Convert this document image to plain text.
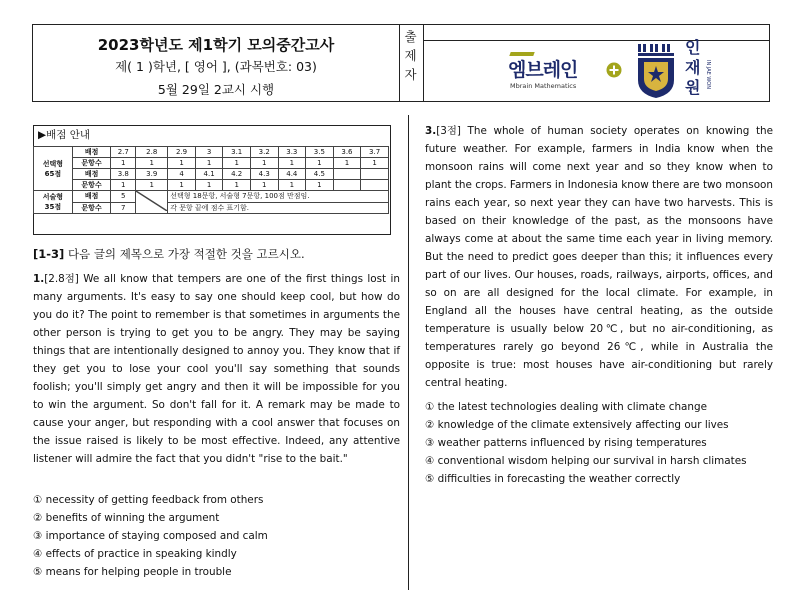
2023학년도 제1학기 모의중간고사
제( 1 )학년, [ 영어 ], (과목번호: 03)
5월 29일 2교시 시행
출
제
자	엠브레인
Mbrain Mathematics
인
재
원 IN JAE WON
▶배점 안내
선택형
65점	배점	2.7	2.8	2.9	3	3.1	3.2	3.3	3.5	3.6	3.7
	문항수	1	1	1	1	1	1	1	1	1	1
	배점	3.8	3.9	4	4.1	4.2	4.3	4.4	4.5		
	문항수	1	1	1	1	1	1	1	1		

서술형
35점	배점	5		선택형 18문항, 서술형 7문항, 100점 만점임.							
	문항수	7		각 문항 끝에 점수 표기함.							
[1-3] 다음 글의 제목으로 가장 적절한 것을 고르시오.
1.[2.8점] We all know that tempers are one of the first things lost in many arguments. It's easy to say one should keep cool, but how do you do it? The point to remember is that sometimes in arguments the other person is trying to get you to be angry. They may be saying things that are intentionally designed to annoy you. They know that if they get you to lose your cool you'll say something that sounds foolish; you'll simply get angry and then it will be impossible for you to win the argument. So don't fall for it. A remark may be made to cause your anger, but responding with a cool answer that focuses on the issue raised is likely to be most effective. Indeed, any attentive listener will admire the fact that you didn't "rise to the bait."
① necessity of getting feedback from others
② benefits of winning the argument
③ importance of staying composed and calm
④ effects of practice in speaking kindly
⑤ means for helping people in trouble
3.[3점] The whole of human society operates on knowing the future weather. For example, farmers in India know when the monsoon rains will come next year and so they know when to plant the crops. Farmers in Indonesia know there are two monsoon rains each year, so next year they can have two harvests. This is based on their knowledge of the past, as the monsoons have always come at about the same time each year in living memory. But the need to predict goes deeper than this; it influences every part of our lives. Our houses, roads, railways, airports, offices, and so on are all designed for the local climate. For example, in England all the houses have central heating, as the outside temperature is usually below 20℃, but no air-conditioning, as temperatures rarely go beyond 26℃, while in Australia the opposite is true: most houses have air-conditioning but rarely central heating.
① the latest technologies dealing with climate change
② knowledge of the climate extensively affecting our lives
③ weather patterns influenced by rising temperatures
④ conventional wisdom helping our survival in harsh climates
⑤ difficulties in forecasting the weather correctly
